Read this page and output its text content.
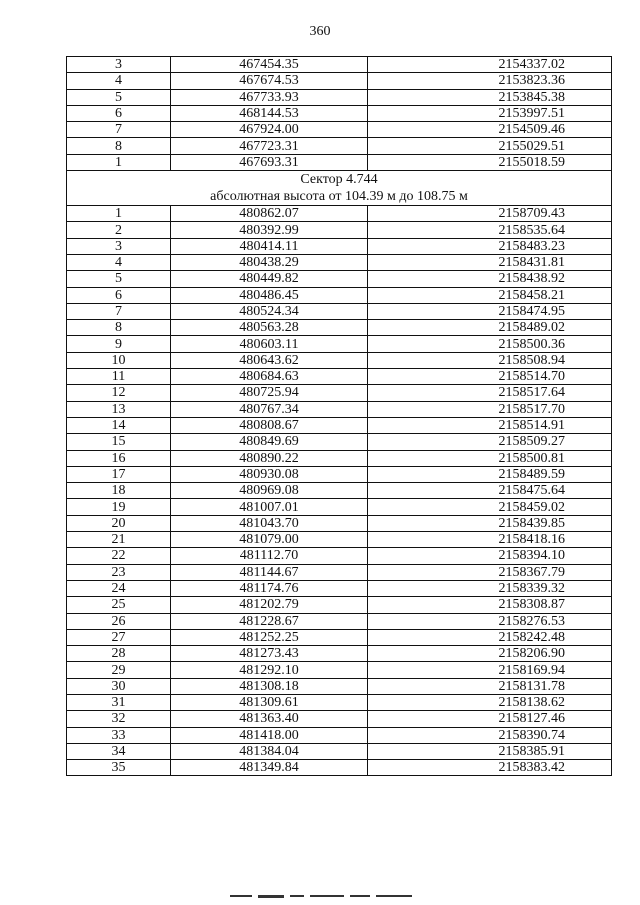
360
3	467454.35	2154337.02
4	467674.53	2153823.36
5	467733.93	2153845.38
6	468144.53	2153997.51
7	467924.00	2154509.46
8	467723.31	2155029.51
1	467693.31	2155018.59

Сектор 4.744
абсолютная высота от 104.39 м до 108.75 м		

1	480862.07	2158709.43
2	480392.99	2158535.64
3	480414.11	2158483.23
4	480438.29	2158431.81
5	480449.82	2158438.92
6	480486.45	2158458.21
7	480524.34	2158474.95
8	480563.28	2158489.02
9	480603.11	2158500.36
10	480643.62	2158508.94
11	480684.63	2158514.70
12	480725.94	2158517.64
13	480767.34	2158517.70
14	480808.67	2158514.91
15	480849.69	2158509.27
16	480890.22	2158500.81
17	480930.08	2158489.59
18	480969.08	2158475.64
19	481007.01	2158459.02
20	481043.70	2158439.85
21	481079.00	2158418.16
22	481112.70	2158394.10
23	481144.67	2158367.79
24	481174.76	2158339.32
25	481202.79	2158308.87
26	481228.67	2158276.53
27	481252.25	2158242.48
28	481273.43	2158206.90
29	481292.10	2158169.94
30	481308.18	2158131.78
31	481309.61	2158138.62
32	481363.40	2158127.46
33	481418.00	2158390.74
34	481384.04	2158385.91
35	481349.84	2158383.42
